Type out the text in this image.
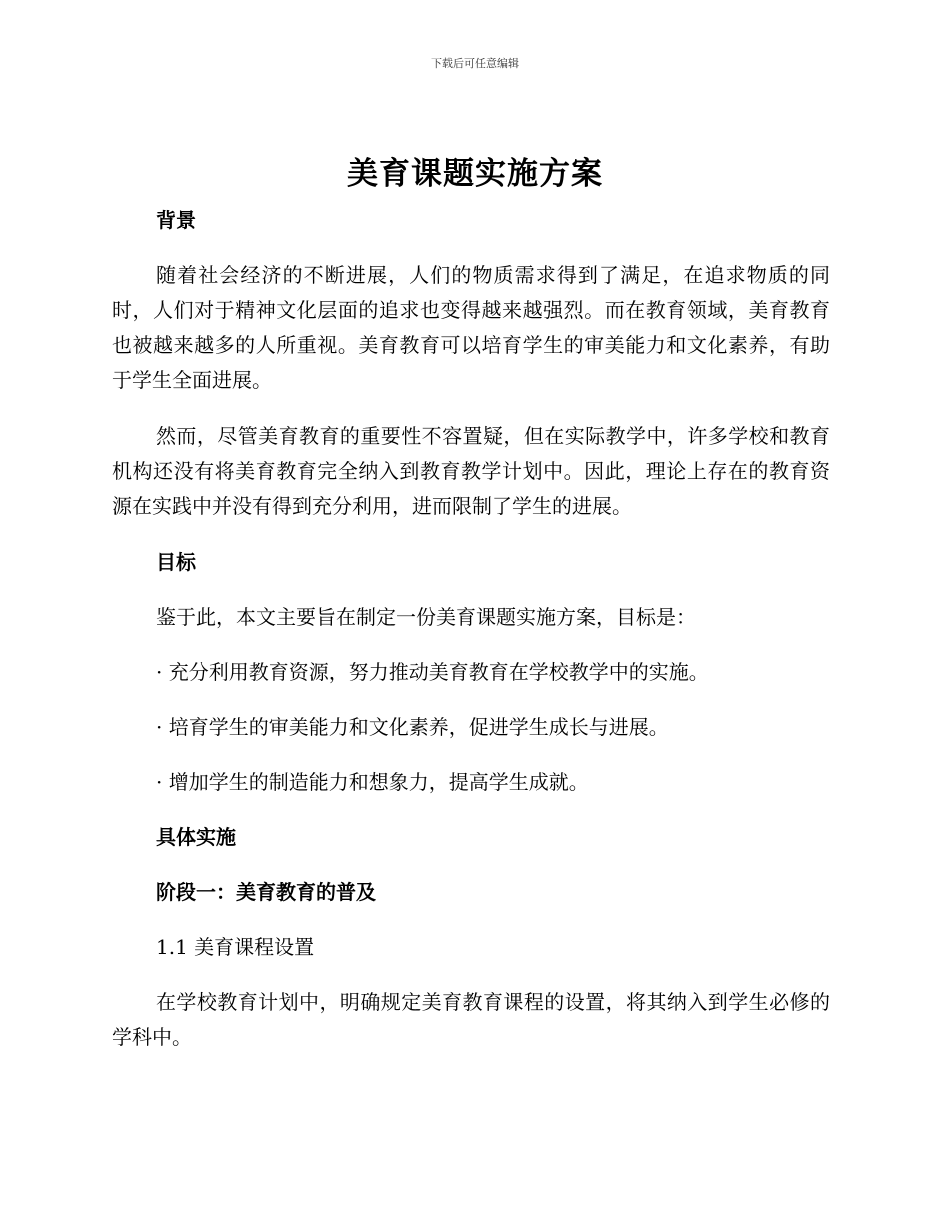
下载后可任意编辑
美育课题实施方案
背景

随着社会经济的不断进展，人们的物质需求得到了满足，在追求物质的同时，人们对于精神文化层面的追求也变得越来越强烈。而在教育领域，美育教育也被越来越多的人所重视。美育教育可以培育学生的审美能力和文化素养，有助于学生全面进展。

然而，尽管美育教育的重要性不容置疑，但在实际教学中，许多学校和教育机构还没有将美育教育完全纳入到教育教学计划中。因此，理论上存在的教育资源在实践中并没有得到充分利用，进而限制了学生的进展。

目标
鉴于此，本文主要旨在制定一份美育课题实施方案，目标是：
· 充分利用教育资源，努力推动美育教育在学校教学中的实施。
· 培育学生的审美能力和文化素养，促进学生成长与进展。
· 增加学生的制造能力和想象力，提高学生成就。
具体实施
阶段一：美育教育的普及
1.1 美育课程设置

在学校教育计划中，明确规定美育教育课程的设置，将其纳入到学生必修的学科中。
